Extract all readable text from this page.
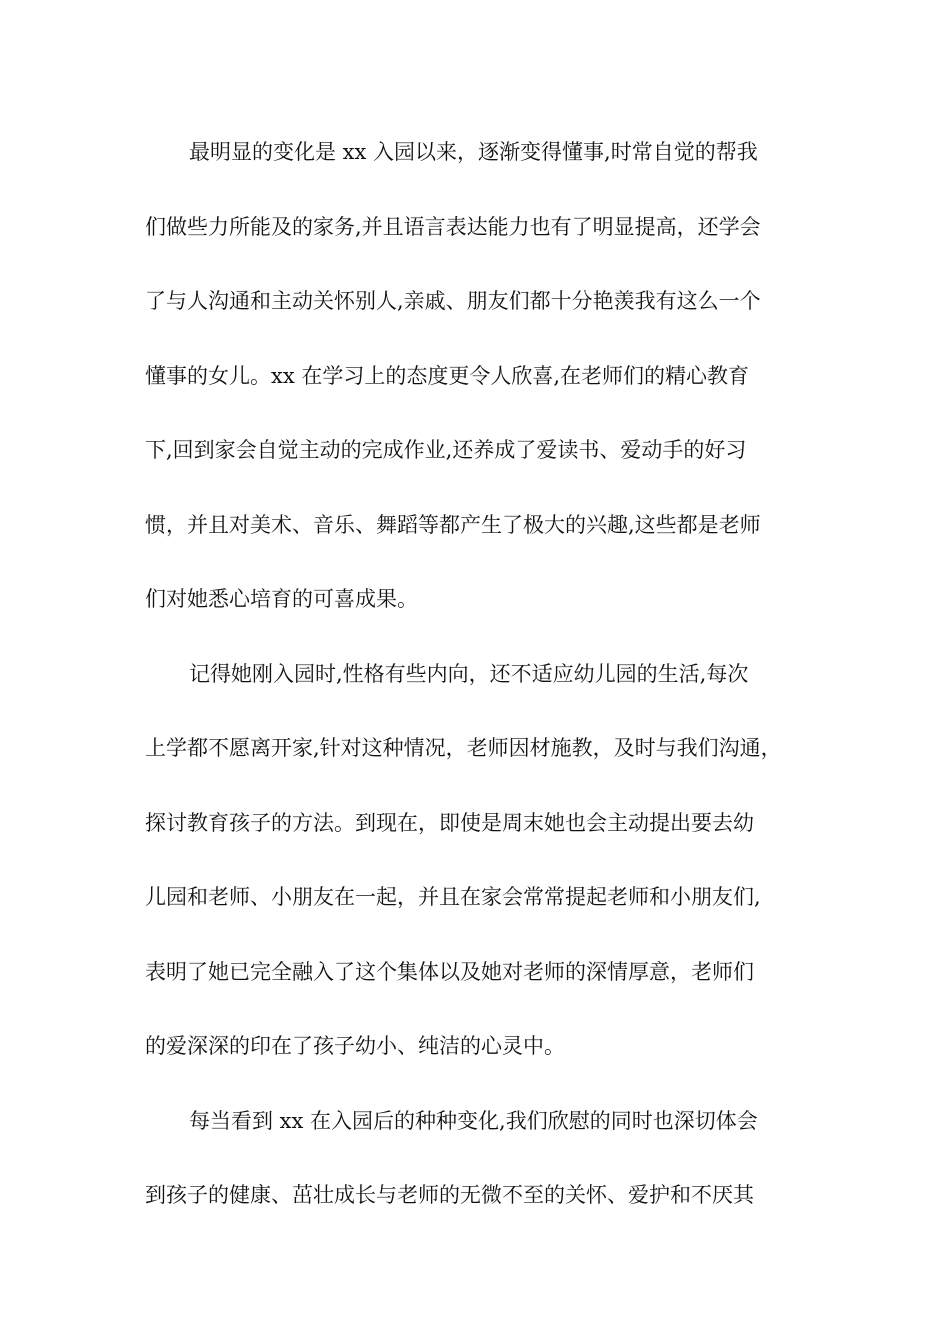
最明显的变化是 xx 入园以来，逐渐变得懂事,时常自觉的帮我
们做些力所能及的家务,并且语言表达能力也有了明显提高，还学会
了与人沟通和主动关怀别人,亲戚、朋友们都十分艳羡我有这么一个
懂事的女儿。xx 在学习上的态度更令人欣喜,在老师们的精心教育
下,回到家会自觉主动的完成作业,还养成了爱读书、爱动手的好习
惯，并且对美术、音乐、舞蹈等都产生了极大的兴趣,这些都是老师
们对她悉心培育的可喜成果。
记得她刚入园时,性格有些内向，还不适应幼儿园的生活,每次
上学都不愿离开家,针对这种情况，老师因材施教，及时与我们沟通，
探讨教育孩子的方法。到现在，即使是周末她也会主动提出要去幼
儿园和老师、小朋友在一起，并且在家会常常提起老师和小朋友们,
表明了她已完全融入了这个集体以及她对老师的深情厚意，老师们
的爱深深的印在了孩子幼小、纯洁的心灵中。
每当看到 xx 在入园后的种种变化,我们欣慰的同时也深切体会
到孩子的健康、茁壮成长与老师的无微不至的关怀、爱护和不厌其
